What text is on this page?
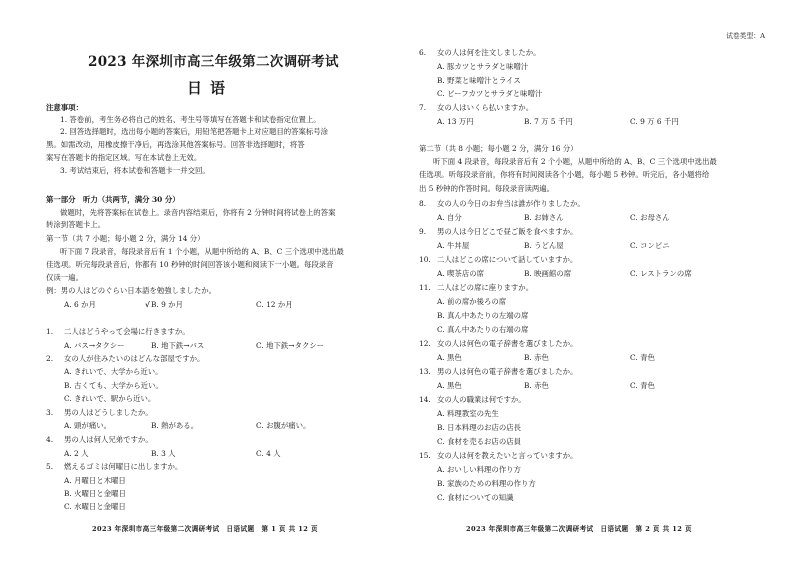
2023 年深圳市高三年级第二次调研考试
日语
注意事项：
1. 答卷前，考生务必将自己的姓名、考生号等填写在答题卡和试卷指定位置上。
2. 回答选择题时，选出每小题的答案后，用铅笔把答题卡上对应题目的答案标号涂
黑。如需改动，用橡皮擦干净后，再选涂其他答案标号。回答非选择题时，将答
案写在答题卡的指定区域。写在本试卷上无效。
3. 考试结束后，将本试卷和答题卡一并交回。
第一部分　听力（共两节，满分 30 分）
做题时，先将答案标在试卷上。录音内容结束后，你将有 2 分钟时间将试卷上的答案
转涂到答题卡上。
第一节（共 7 小题；每小题 2 分，满分 14 分）
听下面 7 段录音，每段录音后有 1 个小题，从题中所给的 A、B、C 三个选项中选出最
佳选项。听完每段录音后，你都有 10 秒钟的时间回答该小题和阅读下一小题。每段录音
仅读一遍。
例：男の人はどのぐらい日本語を勉強しましたか。
A. 6 か月	√ B. 9 か月	C. 12 か月
1. 二人はどうやって会場に行きますか。
A. バス→タクシー	B. 地下鉄→バス	C. 地下鉄→タクシー
2. 女の人が住みたいのはどんな部屋ですか。
A. きれいで、大学から近い。
B. 古くても、大学から近い。
C. きれいで、駅から近い。
3. 男の人はどうしましたか。
A. 頭が痛い。	B. 熱がある。	C. お腹が痛い。
4. 男の人は何人兄弟ですか。
A. 2 人	B. 3 人	C. 4 人
5. 燃えるゴミは何曜日に出しますか。
A. 月曜日と木曜日
B. 火曜日と金曜日
C. 水曜日と金曜日
2023 年深圳市高三年级第二次调研考试　日语试题　第 1 页 共 12 页
试卷类型：A
6. 女の人は何を注文しましたか。
A. 豚カツとサラダと味噌汁
B. 野菜と味噌汁とライス
C. ビーフカツとサラダと味噌汁
7. 女の人はいくら払いますか。
A. 13 万円	B. 7 万 5 千円	C. 9 万 6 千円
第二节（共 8 小题；每小题 2 分，满分 16 分）
听下面 4 段录音，每段录音后有 2 个小题，从题中所给的 A、B、C 三个选项中选出最
佳选项。听每段录音前，你将有时间阅读各个小题，每小题 5 秒钟。听完后，各小题将给
出 5 秒钟的作答时间。每段录音读两遍。
8. 女の人の今日のお弁当は誰が作りましたか。
A. 自分	B. お姉さん	C. お母さん
9. 男の人は今日どこで昼ご飯を食べますか。
A. 牛丼屋	B. うどん屋	C. コンビニ
10. 二人はどこの席について話していますか。
A. 喫茶店の席	B. 映画館の席	C. レストランの席
11. 二人はどの席に座りますか。
A. 前の席か後ろの席
B. 真ん中あたりの左端の席
C. 真ん中あたりの右端の席
12. 女の人は何色の電子辞書を選びましたか。
A. 黒色	B. 赤色	C. 青色
13. 男の人は何色の電子辞書を選びましたか。
A. 黒色	B. 赤色	C. 青色
14. 女の人の職業は何ですか。
A. 料理教室の先生
B. 日本料理のお店の店長
C. 食材を売るお店の店員
15. 女の人は何を教えたいと言っていますか。
A. おいしい料理の作り方
B. 家族のための料理の作り方
C. 食材についての知識
2023 年深圳市高三年级第二次调研考试　日语试题　第 2 页 共 12 页
